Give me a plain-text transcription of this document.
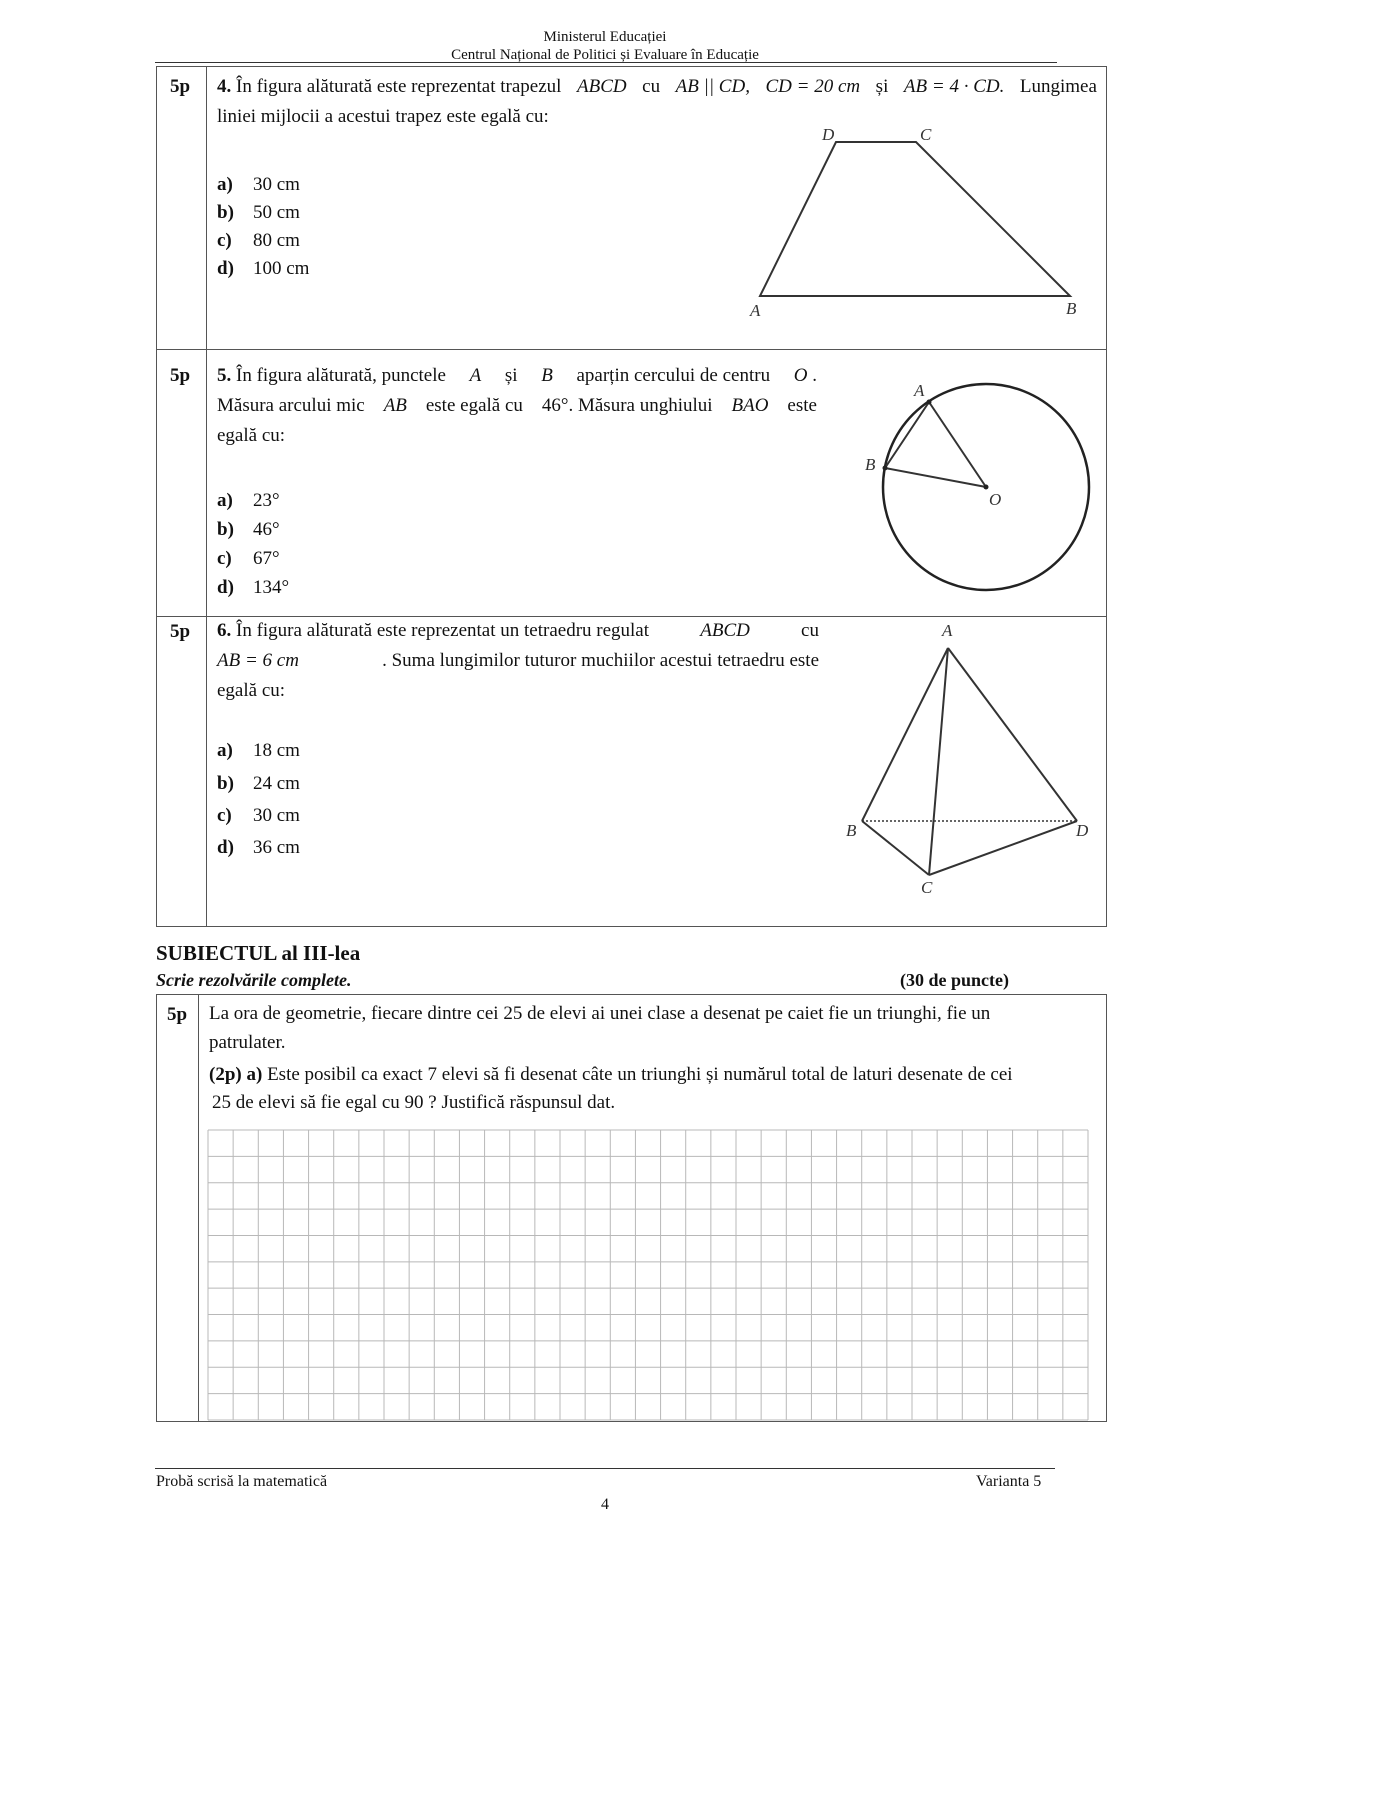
Ministerul Educației
Centrul Național de Politici și Evaluare în Educație
5p 4. În figura alăturată este reprezentat trapezul ABCD cu AB || CD, CD = 20 cm și AB = 4 · CD. Lungimea
liniei mijlocii a acestui trapez este egală cu:
a) 30 cm
b) 50 cm
c) 80 cm
d) 100 cm
D	C
A	B
5p 5. În figura alăturată, punctele A și B aparțin cercului de centru O .
Măsura arcului mic AB este egală cu 46°. Măsura unghiului BAO este
egală cu:
a) 23°
b) 46°
c) 67°
d) 134°
A
B
O
5p 6. În figura alăturată este reprezentat un tetraedru regulat	ABCD	cu
AB = 6 cm	. Suma lungimilor tuturor muchiilor acestui tetraedru este
egală cu:
a) 18 cm
b) 24 cm
c) 30 cm
d) 36 cm
A
B	D
C
SUBIECTUL al III-lea
Scrie rezolvările complete.	(30 de puncte)
5p La ora de geometrie, fiecare dintre cei 25 de elevi ai unei clase a desenat pe caiet fie un triunghi, fie un
patrulater.
(2p) a) Este posibil ca exact 7 elevi să fi desenat câte un triunghi și numărul total de laturi desenate de cei
25 de elevi să fie egal cu 90 ? Justifică răspunsul dat.
Probă scrisă la matematică	Varianta 5
4
